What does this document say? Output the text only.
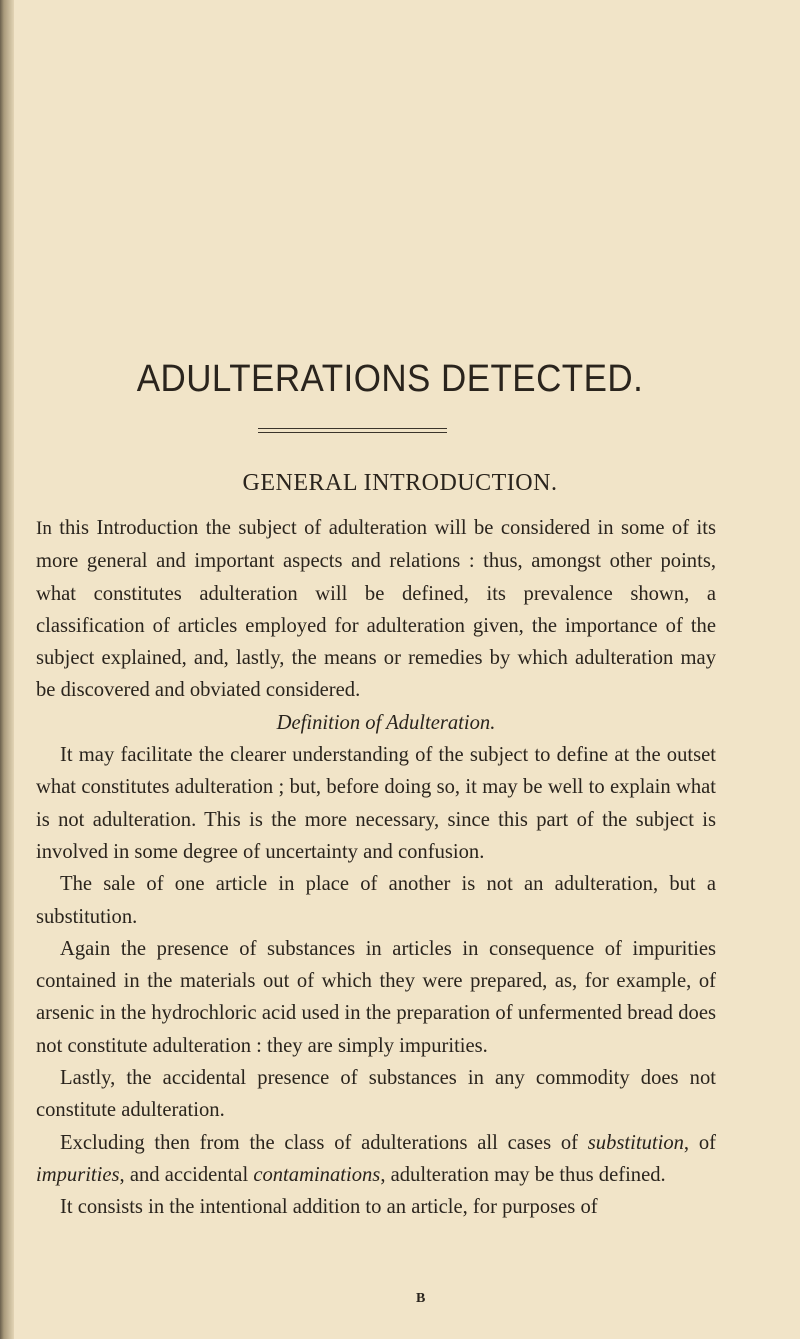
ADULTERATIONS DETECTED.
GENERAL INTRODUCTION.

In this Introduction the subject of adulteration will be considered in some of its more general and important aspects and relations : thus, amongst other points, what constitutes adulteration will be defined, its prevalence shown, a classification of articles employed for adulteration given, the importance of the subject explained, and, lastly, the means or remedies by which adulteration may be discovered and obviated considered.

Definition of Adulteration.

It may facilitate the clearer understanding of the subject to define at the outset what constitutes adulteration ; but, before doing so, it may be well to explain what is not adulteration. This is the more necessary, since this part of the subject is involved in some degree of uncertainty and confusion.

The sale of one article in place of another is not an adulteration, but a substitution.

Again the presence of substances in articles in consequence of impurities contained in the materials out of which they were prepared, as, for example, of arsenic in the hydrochloric acid used in the preparation of unfermented bread does not constitute adulteration : they are simply impurities.

Lastly, the accidental presence of substances in any commodity does not constitute adulteration.

Excluding then from the class of adulterations all cases of substitution, of impurities, and accidental contaminations, adulteration may be thus defined.

It consists in the intentional addition to an article, for purposes of

B
